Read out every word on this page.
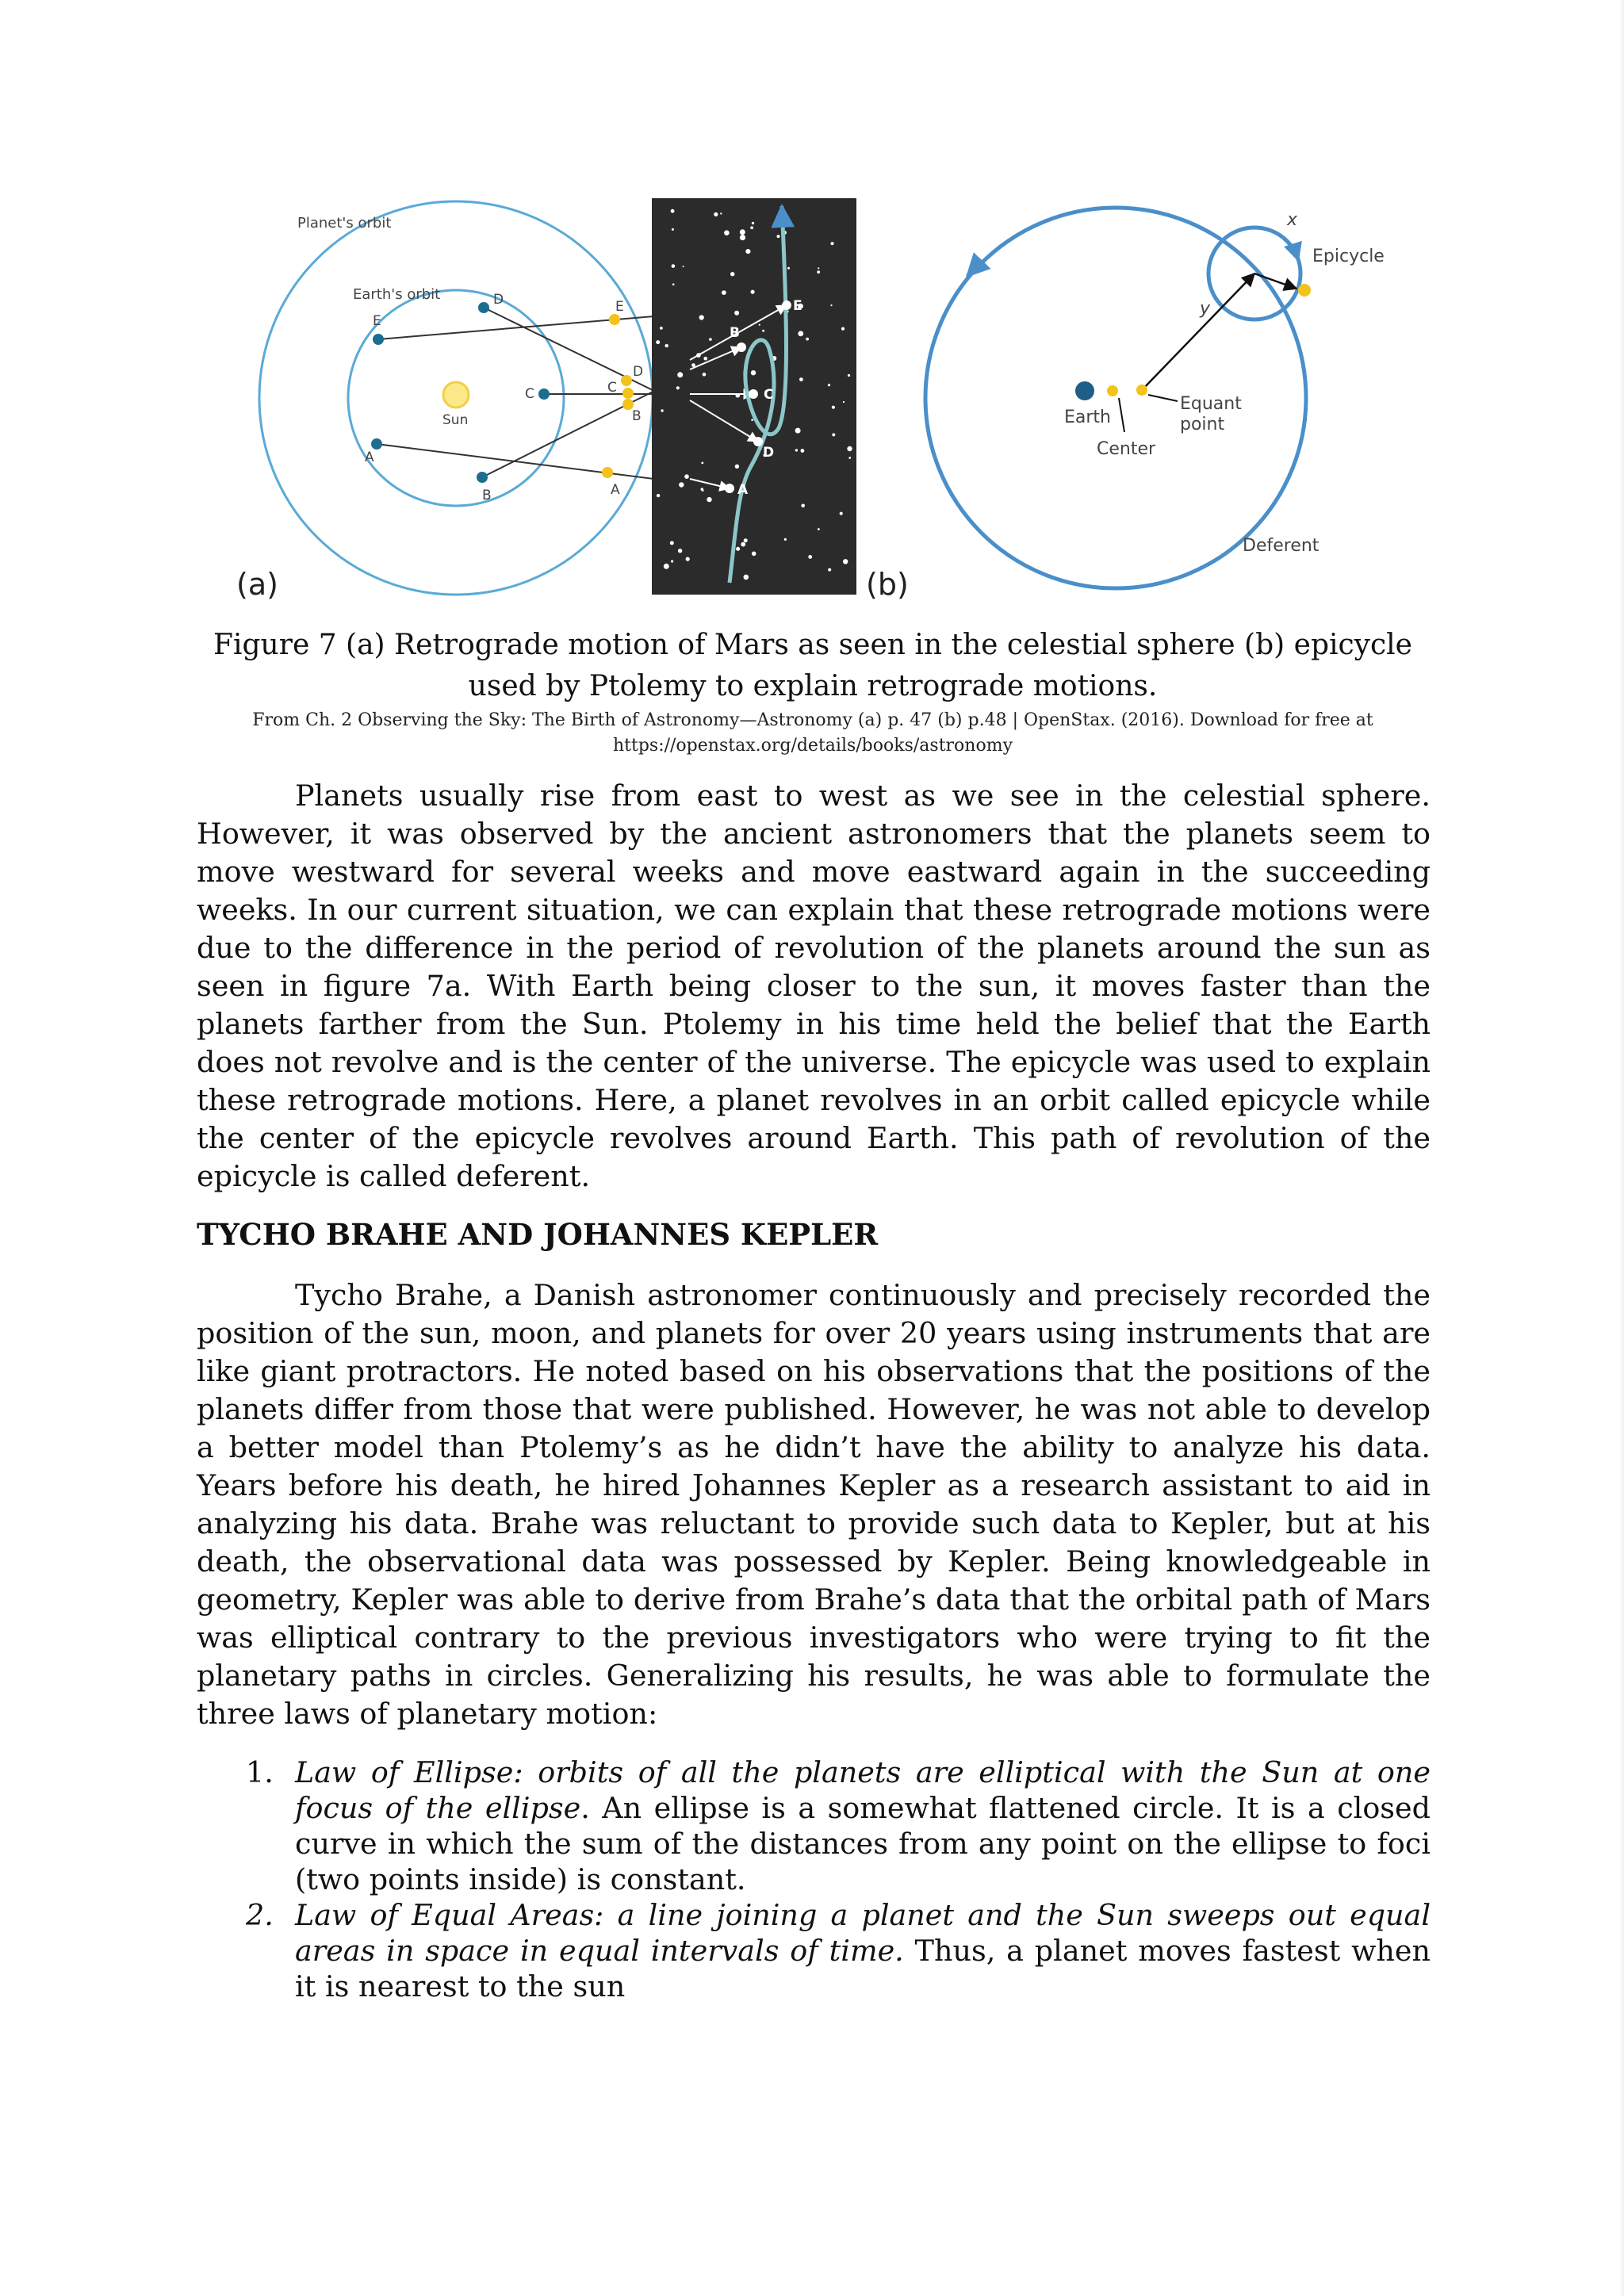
Planet's orbit
Earth's orbit
Sun
E
D
C
B
A
E
D
C
B
A	A
B
C
D
E
Earth
Center
Equant
point
Epicycle
Deferent
x
y
(a)	(b)
Figure 7 (a) Retrograde motion of Mars as seen in the celestial sphere (b) epicycle
used by Ptolemy to explain retrograde motions.
From Ch. 2 Observing the Sky: The Birth of Astronomy—Astronomy (a) p. 47 (b) p.48 | OpenStax. (2016). Download for free at
https://openstax.org/details/books/astronomy

Planets usually rise from east to west as we see in the celestial sphere. However, it was observed by the ancient astronomers that the planets seem to move westward for several weeks and move eastward again in the succeeding weeks. In our current situation, we can explain that these retrograde motions were due to the difference in the period of revolution of the planets around the sun as seen in figure 7a. With Earth being closer to the sun, it moves faster than the planets farther from the Sun. Ptolemy in his time held the belief that the Earth does not revolve and is the center of the universe. The epicycle was used to explain these retrograde motions. Here, a planet revolves in an orbit called epicycle while the center of the epicycle revolves around Earth. This path of revolution of the epicycle is called deferent.

TYCHO BRAHE AND JOHANNES KEPLER

Tycho Brahe, a Danish astronomer continuously and precisely recorded the position of the sun, moon, and planets for over 20 years using instruments that are like giant protractors. He noted based on his observations that the positions of the planets differ from those that were published. However, he was not able to develop a better model than Ptolemy’s as he didn’t have the ability to analyze his data. Years before his death, he hired Johannes Kepler as a research assistant to aid in analyzing his data. Brahe was reluctant to provide such data to Kepler, but at his death, the observational data was possessed by Kepler. Being knowledgeable in geometry, Kepler was able to derive from Brahe’s data that the orbital path of Mars was elliptical contrary to the previous investigators who were trying to fit the planetary paths in circles. Generalizing his results, he was able to formulate the three laws of planetary motion:

1. Law of Ellipse: orbits of all the planets are elliptical with the Sun at one focus of the ellipse. An ellipse is a somewhat flattened circle. It is a closed curve in which the sum of the distances from any point on the ellipse to foci (two points inside) is constant.
2. Law of Equal Areas: a line joining a planet and the Sun sweeps out equal areas in space in equal intervals of time. Thus, a planet moves fastest when it is nearest to the sun
